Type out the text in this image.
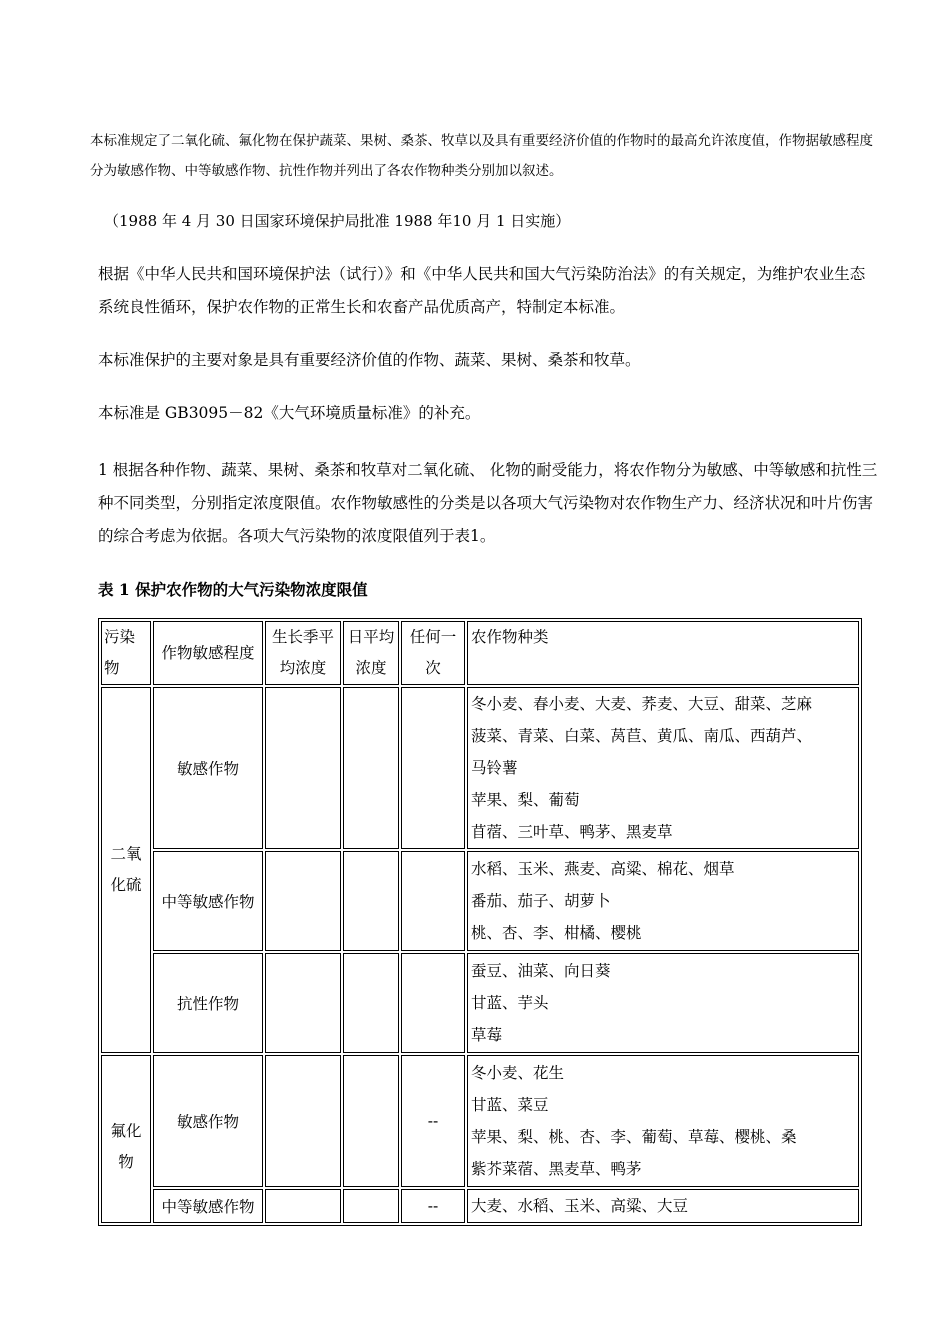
本标准规定了二氧化硫、氟化物在保护蔬菜、果树、桑茶、牧草以及具有重要经济价值的作物时的最高允许浓度值，作物据敏感程度分为敏感作物、中等敏感作物、抗性作物并列出了各农作物种类分别加以叙述。

（1988 年 4 月 30 日国家环境保护局批准 1988 年10 月 1 日实施）

根据《中华人民共和国环境保护法（试行）》和《中华人民共和国大气污染防治法》的有关规定，为维护农业生态系统良性循环，保护农作物的正常生长和农畜产品优质高产，特制定本标准。

本标准保护的主要对象是具有重要经济价值的作物、蔬菜、果树、桑茶和牧草。

本标准是 GB3095－82《大气环境质量标准》的补充。

1 根据各种作物、蔬菜、果树、桑茶和牧草对二氧化硫、 化物的耐受能力，将农作物分为敏感、中等敏感和抗性三种不同类型，分别指定浓度限值。农作物敏感性的分类是以各项大气污染物对农作物生产力、经济状况和叶片伤害的综合考虑为依据。各项大气污染物的浓度限值列于表1。

表 1 保护农作物的大气污染物浓度限值

污染物	作物敏感程度	生长季平均浓度	日平均浓度	任何一次	农作物种类
二氧化硫	敏感作物				冬小麦、春小麦、大麦、荞麦、大豆、甜菜、芝麻
菠菜、青菜、白菜、莴苣、黄瓜、南瓜、西葫芦、
马铃薯
苹果、梨、葡萄
苜蓿、三叶草、鸭茅、黑麦草

	中等敏感作物				水稻、玉米、燕麦、高粱、棉花、烟草
番茄、茄子、胡萝卜
桃、杏、李、柑橘、樱桃

	抗性作物				蚕豆、油菜、向日葵
甘蓝、芋头
草莓

氟化物	敏感作物			--	冬小麦、花生
甘蓝、菜豆
苹果、梨、桃、杏、李、葡萄、草莓、樱桃、桑
紫芥菜蓿、黑麦草、鸭茅

	中等敏感作物			--	大麦、水稻、玉米、高粱、大豆
